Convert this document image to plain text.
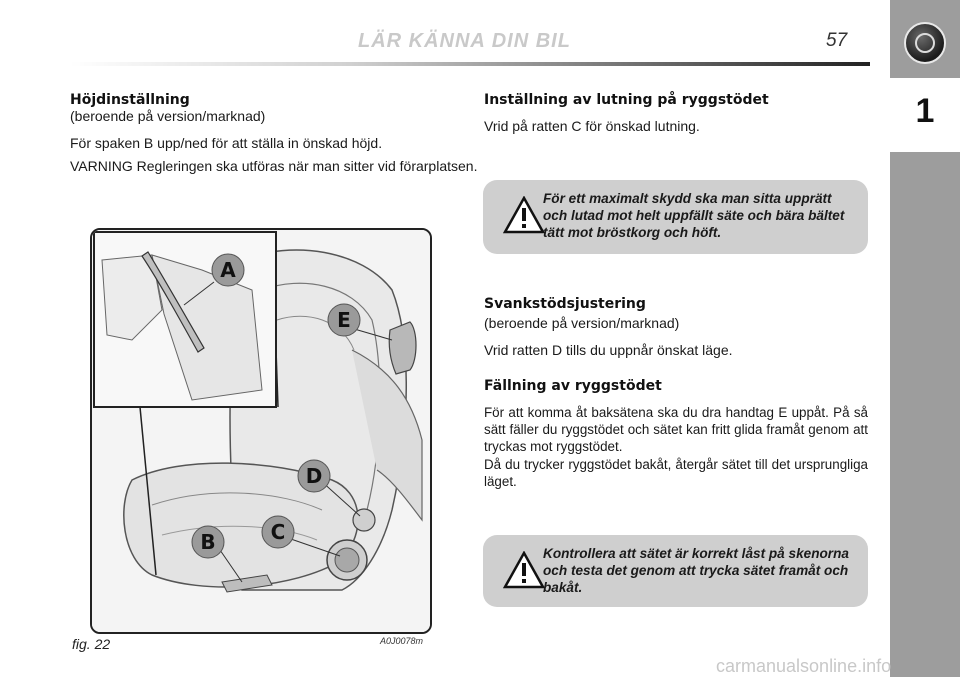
LÄR KÄNNA DIN BIL	57
1
Höjdinställning
(beroende på version/marknad)
För spaken B upp/ned för att ställa in önskad höjd.
VARNING Regleringen ska utföras när man sitter vid förarplatsen.
A
E
D
C
B
fig. 22	A0J0078m
Inställning av lutning på ryggstödet
Vrid på ratten C för önskad lutning.
För ett maximalt skydd ska man sitta upprätt och lutad mot helt uppfällt säte och bära bältet tätt mot bröstkorg och höft.
Svankstödsjustering
(beroende på version/marknad)
Vrid ratten D tills du uppnår önskat läge.
Fällning av ryggstödet
För att komma åt baksätena ska du dra handtag E uppåt. På så sätt fäller du ryggstödet och sätet kan fritt glida framåt genom att tryckas mot ryggstödet.
Då du trycker ryggstödet bakåt, återgår sätet till det ursprungliga läget.
Kontrollera att sätet är korrekt låst på skenorna och testa det genom att trycka sätet framåt och bakåt.
carmanualsonline.info
